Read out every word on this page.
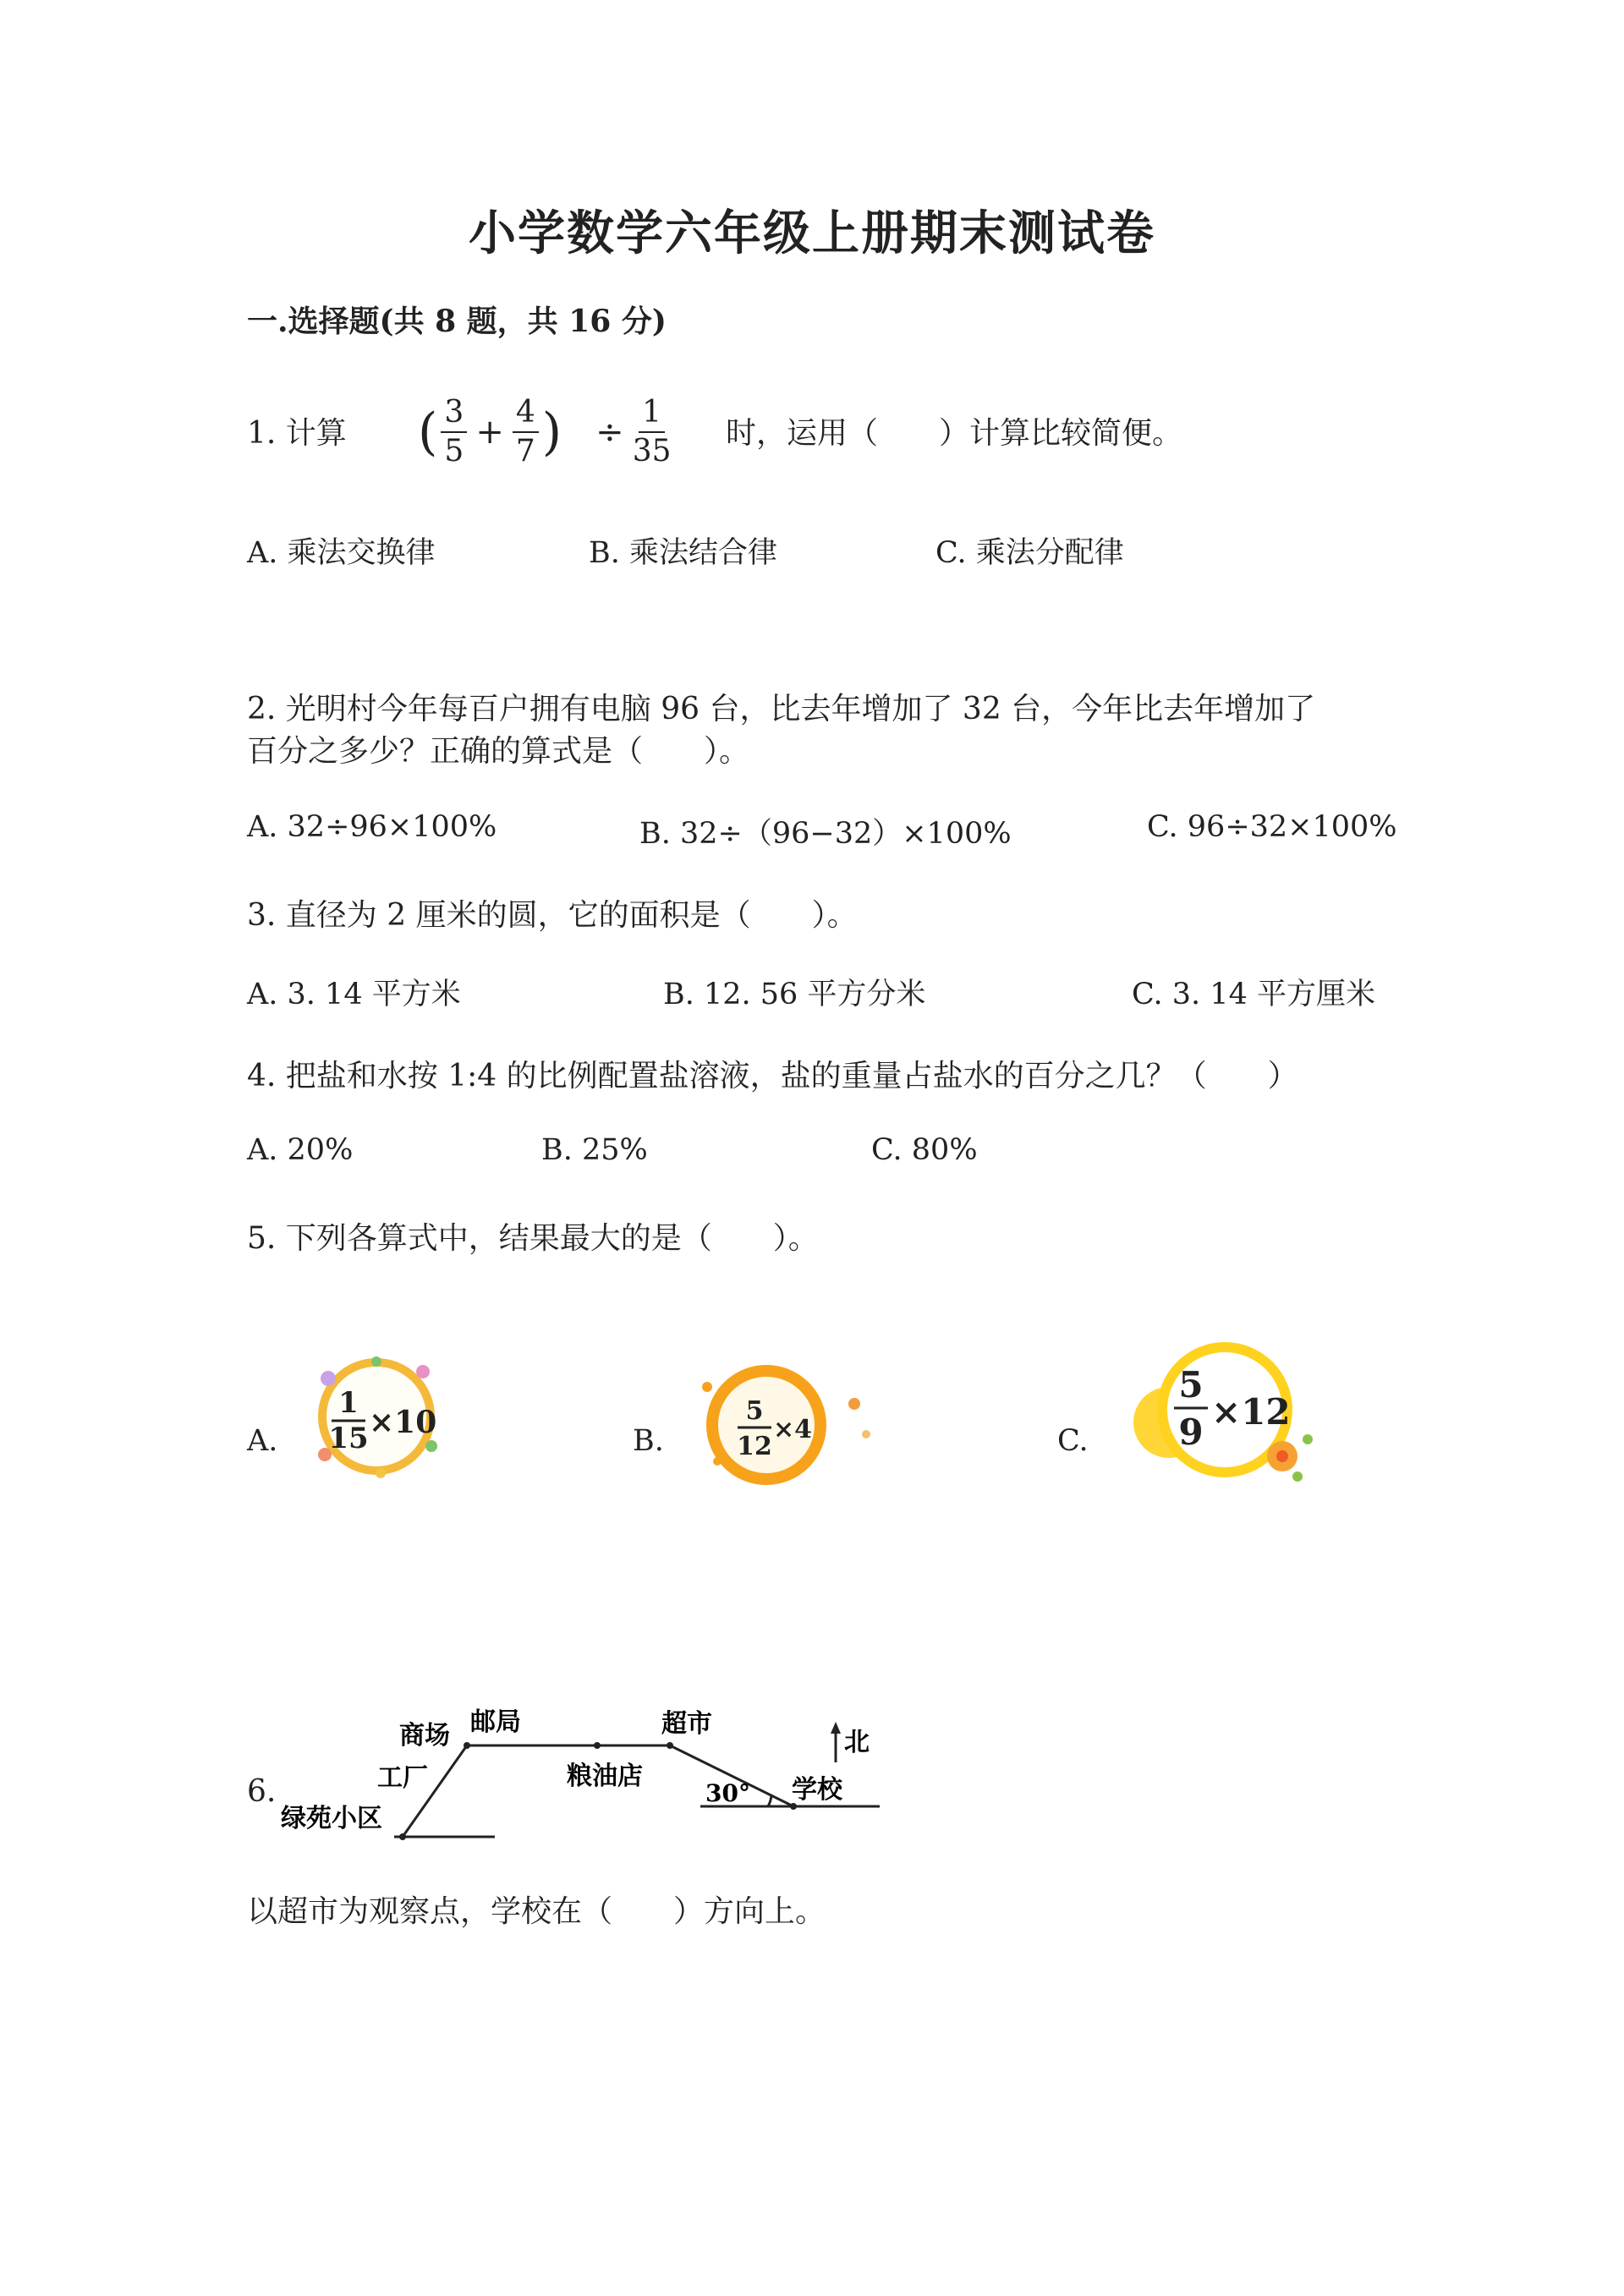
小学数学六年级上册期末测试卷
一.选择题(共 8 题，共 16 分)
1. 计算 ( $\frac{3}{5} + \frac{4}{7}$ ) ÷ $\frac{1}{35}$ 时，运用（　　）计算比较简便。
A. 乘法交换律	B. 乘法结合律	C. 乘法分配律
2. 光明村今年每百户拥有电脑 96 台，比去年增加了 32 台，今年比去年增加了
百分之多少？正确的算式是（　　）。
A. 32÷96×100%	B. 32÷（96−32）×100%	C. 96÷32×100%
3. 直径为 2 厘米的圆，它的面积是（　　）。
A. 3. 14 平方米	B. 12. 56 平方分米	C. 3. 14 平方厘米
4. 把盐和水按 1:4 的比例配置盐溶液，盐的重量占盐水的百分之几？（　　）
A. 20%	B. 25%	C. 80%
5. 下列各算式中，结果最大的是（　　）。
A.
1
15 ×10
B.
5
12
×4	C.
5
9 ×12
6.
商场 邮局
工厂
绿苑小区
粮油店
超市
北
学校
30°
以超市为观察点，学校在（　　）方向上。
